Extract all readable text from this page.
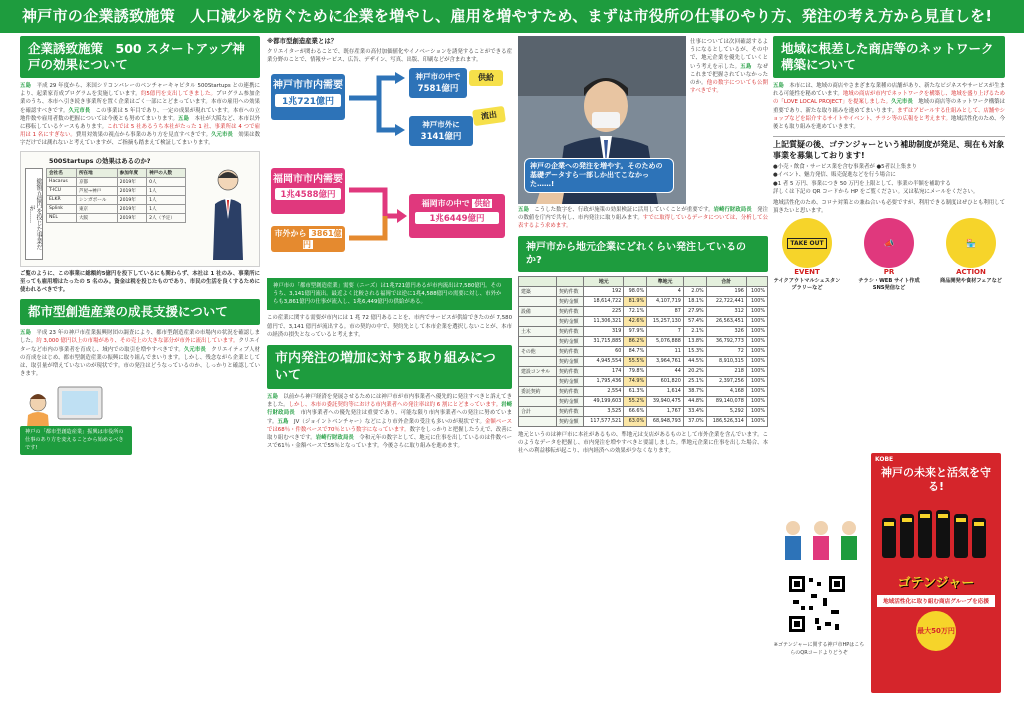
神戸市の企業誘致施策　人口減少を防ぐために企業を増やし、雇用を増やすため、まずは市役所の仕事のやり方、発注の考え方から見直しを!
企業誘致施策　500 スタートアップ神戸の効果について
五島　平成 29 年度から、米国シリコンバレーのベンチャーキャピタル 500Startups との連携により、起業家育成プログラムを実施しています。約5億円を支出してきました。プログラム参加企業のうち、本市へ引き続き事業所を置く企業はごく一部にとどまっています。本市の雇用への効果を確認すべきです。久元市長　この事業は 5 年目であり、一定の成果が現れています。本市への立地件数や雇用者数の把握については今後とも努めてまいります。五島　本社が大阪など、本市以外に移転しているケースもあります。これでは 5 社あるうち本社がたった 1 社、事業所は 4 つで雇用は 1 名にすぎない。費用対効果の視点から事業のあり方を見直すべきです。久元市長　効果は数字だけでは測れないと考えていますが、ご指摘も踏まえて検証してまいります。
500Startups の効果はあるのか?
総額五億円を投じた事業だが……
会社名	所在地	参加年度	神戸の人数
Hacarus	京都	2019年	0人
T-ICU	芦屋→神戸	2019年	1人
ELKR	シンガポール	2019年	1人
Splink	東京	2019年	1人
NEL	大阪	2019年	2人（予定）
ご覧のように、この事業に総額約5億円を投下しているにも関わらず、本社は 1 社のみ、事業所に至っても雇用増はたったの 5 名のみ。資金は税を投じたものであり、市民の生活を良くするために使われるべきです。
都市型創造産業の成長支援について
五島　平成 23 年の神戸市産業振興財団の調査により、都市型創造産業の市場内の状況を確認しました。約 3,000 億円以上の市場があり、その売上の大きな部分が市外に流出しています。クリエイターなど市内の事業者を育成し、域内での取引を増やすべきです。久元市長　クリエイティブ人材の育成をはじめ、都市型創造産業の振興に取り組んでまいります。しかし、残念ながら企業としては、取引量が増えていないのが現状です。市の発注はどうなっているのか、しっかりと確認していきます。
神戸の「都市型創造産業」振興は市役所の仕事のあり方を変えることから始めるべきです!
※都市型創造産業とは？
クリエイターが関わることで、既存産業の高付加価値化やイノベーションを誘発することができる産業分野のことで、情報サービス、広告、デザイン、写真、出版、印刷などが含まれます。
神戸市市内需要
1兆721億円
神戸市の中で
7581億円
供給
神戸市外に
3141億円
流出
福岡市市内需要
1兆4588億円
市外から 3861億円
福岡市の中で 供給
1兆6449億円
神戸市の「都市型創造産業」需要（ニーズ）は1兆721億円あるが市内流出は7,580億円。そのうち、3,141億円流出。最近よく比較される福岡では逆に1兆4,588億円の需要に対し、市外からも3,861億円の仕事が流入し、1兆6,449億円の供給がある。
この産業に関する需要が市内には 1 兆 72 億円あることを、市内でサービスが供給できたのが 7,580 億円で、3,141 億円が流出する。市の契約の中で、契約先として本市企業を選択しないことが、本市の経済の損失となっていると考えます。
市内発注の増加に対する取り組みについて
五島　以前から神戸経済を発展させるためには神戸市が市内事業者へ優先的に発注すべきと訴えてきました。しかし、本市の委託契約等における市内業者への発注率は約 6 割にとどまっています。岩崎行財政局長　市内事業者への優先発注は重要であり、可能な限り市内事業者への発注に努めています。五島　JV（ジョイントベンチャー）などにより市外企業の受注も多いのが現状です。金額ベースでは68％・件数ベースで70％という数字になっています。数字をしっかりと把握したうえで、改善に取り組むべきです。岩崎行財政局長　令和元年の数字として、地元に仕事を出しているのは件数ベースで61％・金額ベースで55％となっています。今後さらに取り組みを進めます。
神戸の企業への発注を増やす。そのための基礎データすら一部しか出てこなかった……!
仕事については次回確認するようになるとしているが、その中で、地元企業を優先していくという考えを示した。五島　なぜこれまで把握されていなかったのか。他の数字についても公開すべきです。
五島　こうした数字を、行政が施策の効果検証に活用していくことが重要です。岩崎行財政局長　発注の数値を庁内で共有し、市内発注に取り組みます。すでに取得しているデータについては、分析して公表するよう求めます。
神戸市から地元企業にどれくらい発注しているのか?
		地元		準地元		合計	
建築	契約件数	192	98.0%	4	2.0%	196	100%
	契約金額	18,614,722	81.9%	4,107,719	18.1%	22,722,441	100%
設備	契約件数	225	72.1%	87	27.9%	312	100%
	契約金額	11,306,321	42.6%	15,257,130	57.4%	26,563,451	100%
土木	契約件数	319	97.9%	7	2.1%	326	100%
	契約金額	31,715,885	86.2%	5,076,888	13.8%	36,792,773	100%
その他	契約件数	60	84.7%	11	15.3%	72	100%
	契約金額	4,945,554	55.5%	3,964,761	44.5%	8,910,315	100%
建設コンサル	契約件数	174	79.8%	44	20.2%	218	100%
	契約金額	1,795,436	74.9%	601,820	25.1%	2,397,256	100%
委託契約	契約件数	2,554	61.3%	1,614	38.7%	4,168	100%
	契約金額	49,199,603	55.2%	39,940,475	44.8%	89,140,078	100%
合計	契約件数	3,525	66.6%	1,767	33.4%	5,292	100%
	契約金額	117,577,521	63.0%	68,948,793	37.0%	186,526,314	100%
地元というのは神戸市に本社があるもの、準地元は支店があるものとして市外企業を含んでいます。このようなデータを把握し、市内発注を増やすべきと要請しました。準地元企業に仕事を出した場合、本社への利益移転が起こり、市内経済への効果が少なくなります。
地域に根差した商店等のネットワーク構築について
五島　本市には、地域の商店やさまざまな業種の店舗があり、新たなビジネスやサービスが生まれる可能性を秘めています。地域の商店が市内でネットワークを構築し、地域を盛り上げるための「LOVE LOCAL PROJECT」を提案しました。久元市長　地域の商店等のネットワーク構築は重要であり、新たな取り組みを進めてまいります。まずはアピールする仕組みとして、店舗やショップなどを紹介するサイトやイベント、チラシ等の広報をと考えます。地域活性化のため、今後とも取り組みを進めていきます。
上記質疑の後、ゴテンジャーという補助制度が発足、現在も対象事業を募集しております!
●小売・飲食・サービス業を含む事業者が ●5者以上集まり
●イベント、魅力発信、販売促進などを行う場合に
●1 者 5 万円、事業につき 50 万円を上限として、事業の半額を補助する
詳しくは下記の QR コードから HP をご覧ください。又は私宛にメールをください。
地域活性化のため、コロナ対策との兼ね合いも必要ですが、利用できる制度はぜひとも利用して頂きたいと思います。
TAKE OUT
EVENT
テイクアウトマルシェスタンプラリーなど
📣
PR
チラシ・WEB サイト作成SNS発信など
🏪
ACTION
商品開発や食材フェアなど
※ゴテンジャーに関する神戸市HPはこちらのQRコードよりどうぞ
KOBE
神戸の未来と活気を守る!
ゴテンジャー
地域活性化に取り組む商店グループを応援
最大50万円
